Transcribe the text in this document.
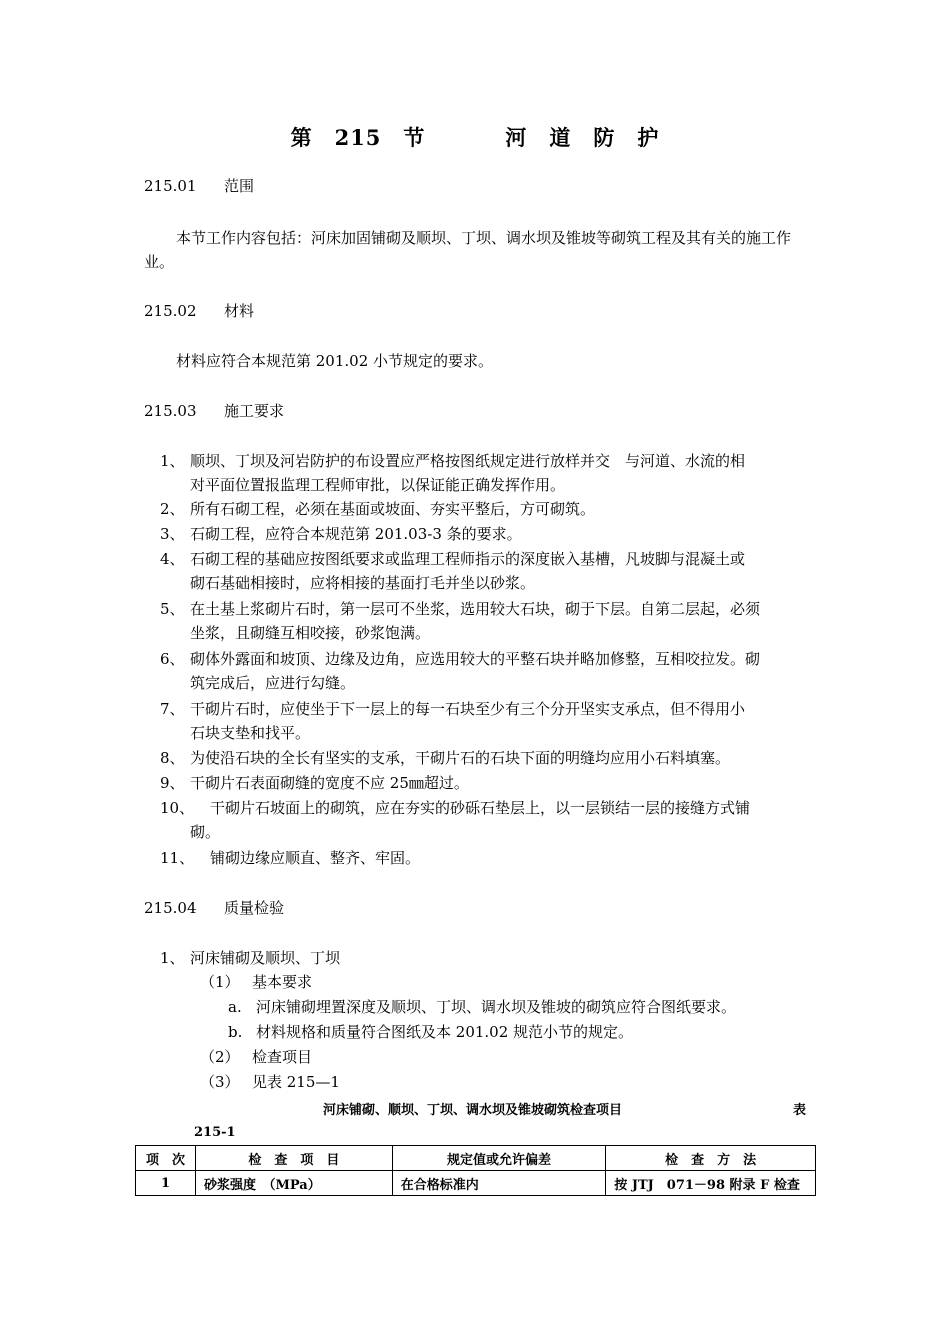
第　215　节	河　道　防　护
215.01 范围
本节工作内容包括：河床加固铺砌及顺坝、丁坝、调水坝及锥坡等砌筑工程及其有关的施工作业。
215.02 材料
材料应符合本规范第 201.02 小节规定的要求。
215.03 施工要求
1、 顺坝、丁坝及河岩防护的布设置应严格按图纸规定进行放样并交　与河道、水流的相
对平面位置报监理工程师审批，以保证能正确发挥作用。
2、 所有石砌工程，必须在基面或坡面、夯实平整后，方可砌筑。
3、 石砌工程，应符合本规范第 201.03-3 条的要求。
4、 石砌工程的基础应按图纸要求或监理工程师指示的深度嵌入基槽，凡坡脚与混凝土或
砌石基础相接时，应将相接的基面打毛并坐以砂浆。
5、 在土基上浆砌片石时，第一层可不坐浆，选用较大石块，砌于下层。自第二层起，必须
坐浆，且砌缝互相咬接，砂浆饱满。
6、 砌体外露面和坡顶、边缘及边角，应选用较大的平整石块并略加修整，互相咬拉发。砌
筑完成后，应进行勾缝。
7、 干砌片石时，应使坐于下一层上的每一石块至少有三个分开坚实支承点，但不得用小
石块支垫和找平。
8、 为使沿石块的全长有坚实的支承，干砌片石的石块下面的明缝均应用小石料填塞。
9、 干砌片石表面砌缝的宽度不应 25㎜超过。
10、 干砌片石坡面上的砌筑，应在夯实的砂砾石垫层上，以一层锁结一层的接缝方式铺
砌。
11、 铺砌边缘应顺直、整齐、牢固。
215.04 质量检验
1、 河床铺砌及顺坝、丁坝
（1） 基本要求
a. 河床铺砌埋置深度及顺坝、丁坝、调水坝及锥坡的砌筑应符合图纸要求。
b. 材料规格和质量符合图纸及本 201.02 规范小节的规定。
（2） 检查项目
（3） 见表 215—1
河床铺砌、顺坝、丁坝、调水坝及锥坡砌筑检查项目	表
215-1
项　次	检　查　项　目	规定值或允许偏差	检　查　方　法
1	砂浆强度　（MPa）	在合格标准内	按 JTJ　071－98 附录 F 检查
